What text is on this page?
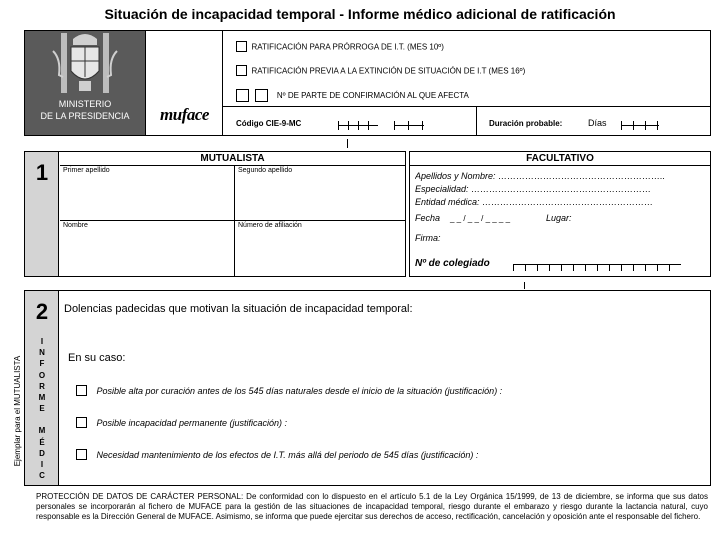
Situación de incapacidad temporal - Informe médico adicional de ratificación
MINISTERIO
DE LA PRESIDENCIA	muface
RATIFICACIÓN PARA PRÓRROGA DE I.T. (MES 10º)
RATIFICACIÓN PREVIA A LA EXTINCIÓN DE SITUACIÓN DE I.T (MES 16º)
Nº DE PARTE DE CONFIRMACIÓN AL QUE AFECTA
Código CIE-9-MC	Duración probable:	Días
1
MUTUALISTA
Primer apellido	Segundo apellido
Nombre	Número de afiliación
FACULTATIVO
Apellidos y Nombre: ………………………………………………..
Especialidad: ……………………………………………………
Entidad médica: …………………………………………………
Fecha _ _ / _ _ / _ _ _ _	Lugar:
Firma:
Nº de colegiado
2
I
N
F
O
R
M
E
M
É
D
I
C
Ejemplar para el MUTUALISTA
Dolencias padecidas que motivan la situación de incapacidad temporal:
En su caso:
Posible alta por curación antes de los 545 días naturales desde el inicio de la situación (justificación) :
Posible incapacidad permanente (justificación) :
Necesidad mantenimiento de los efectos de I.T. más allá del periodo de 545 días (justificación) :
PROTECCIÓN DE DATOS DE CARÁCTER PERSONAL: De conformidad con lo dispuesto en el artículo 5.1 de la Ley Orgánica 15/1999, de 13 de diciembre, se informa que sus datos personales se incorporarán al fichero de MUFACE para la gestión de las situaciones de incapacidad temporal, riesgo durante el embarazo y riesgo durante la lactancia natural, cuyo responsable es la Dirección General de MUFACE. Asimismo, se informa que puede ejercitar sus derechos de acceso, rectificación, cancelación y oposición ante el responsable del fichero.
